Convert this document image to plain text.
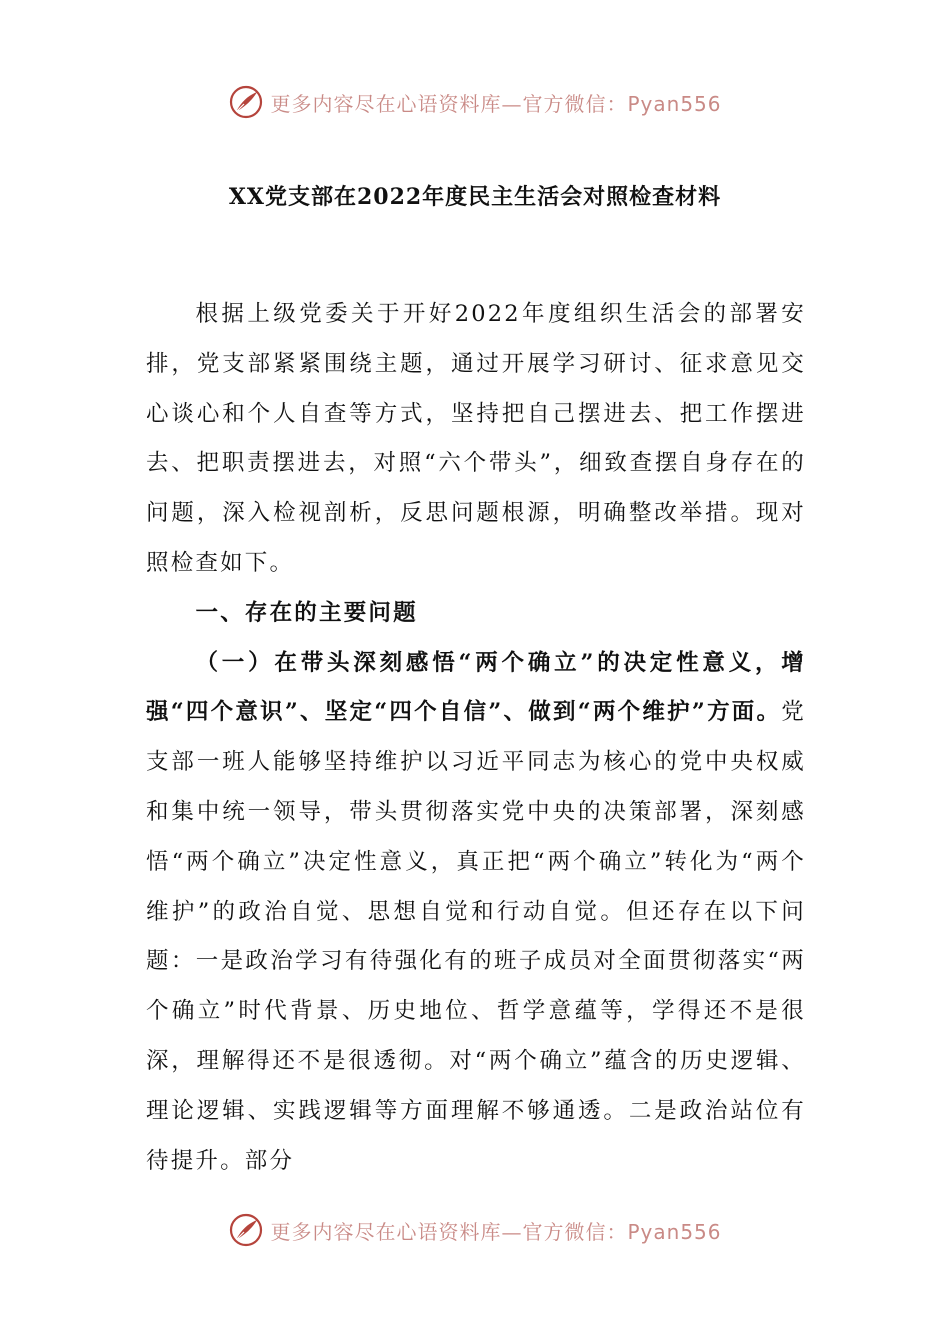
更多内容尽在心语资料库—官方微信：Pyan556
XX党支部在2022年度民主生活会对照检查材料

根据上级党委关于开好2022年度组织生活会的部署安排，党支部紧紧围绕主题，通过开展学习研讨、征求意见交心谈心和个人自查等方式，坚持把自己摆进去、把工作摆进去、把职责摆进去，对照“六个带头”，细致查摆自身存在的问题，深入检视剖析，反思问题根源，明确整改举措。现对照检查如下。

一、存在的主要问题

（一）在带头深刻感悟“两个确立”的决定性意义，增强“四个意识”、坚定“四个自信”、做到“两个维护”方面。党支部一班人能够坚持维护以习近平同志为核心的党中央权威和集中统一领导，带头贯彻落实党中央的决策部署，深刻感悟“两个确立”决定性意义，真正把“两个确立”转化为“两个维护”的政治自觉、思想自觉和行动自觉。但还存在以下问题：一是政治学习有待强化有的班子成员对全面贯彻落实“两个确立”时代背景、历史地位、哲学意蕴等，学得还不是很深，理解得还不是很透彻。对“两个确立”蕴含的历史逻辑、理论逻辑、实践逻辑等方面理解不够通透。二是政治站位有待提升。部分

更多内容尽在心语资料库—官方微信：Pyan556
